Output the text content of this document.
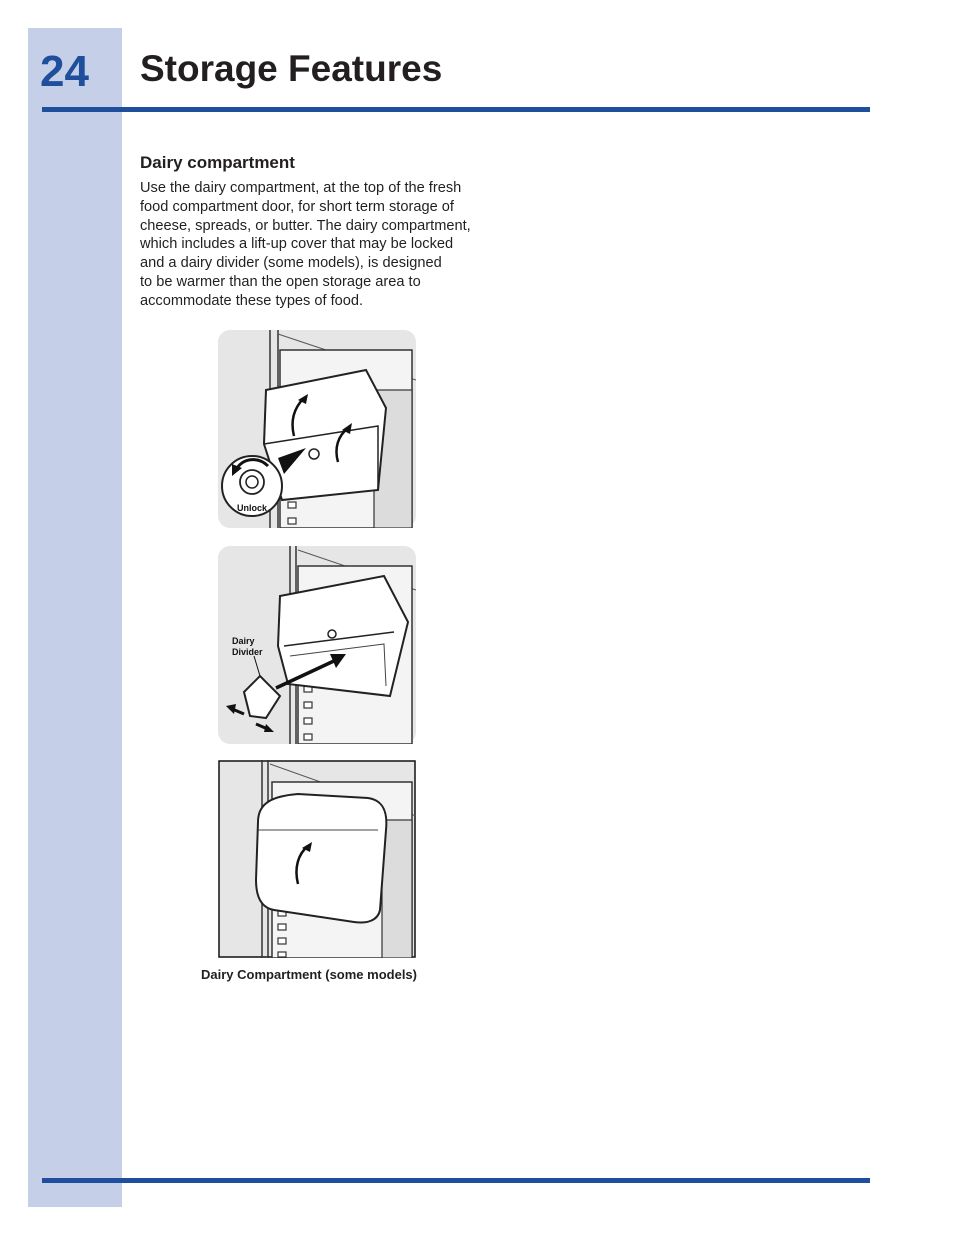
24 Storage Features
Dairy compartment
Use the dairy compartment, at the top of the fresh
food compartment door, for short term storage of
cheese, spreads, or butter. The dairy compartment,
which includes a lift-up cover that may be locked
and a dairy divider (some models), is designed
to be warmer than the open storage area to
accommodate these types of food.
Unlock
Dairy
Divider
Dairy Compartment (some models)
